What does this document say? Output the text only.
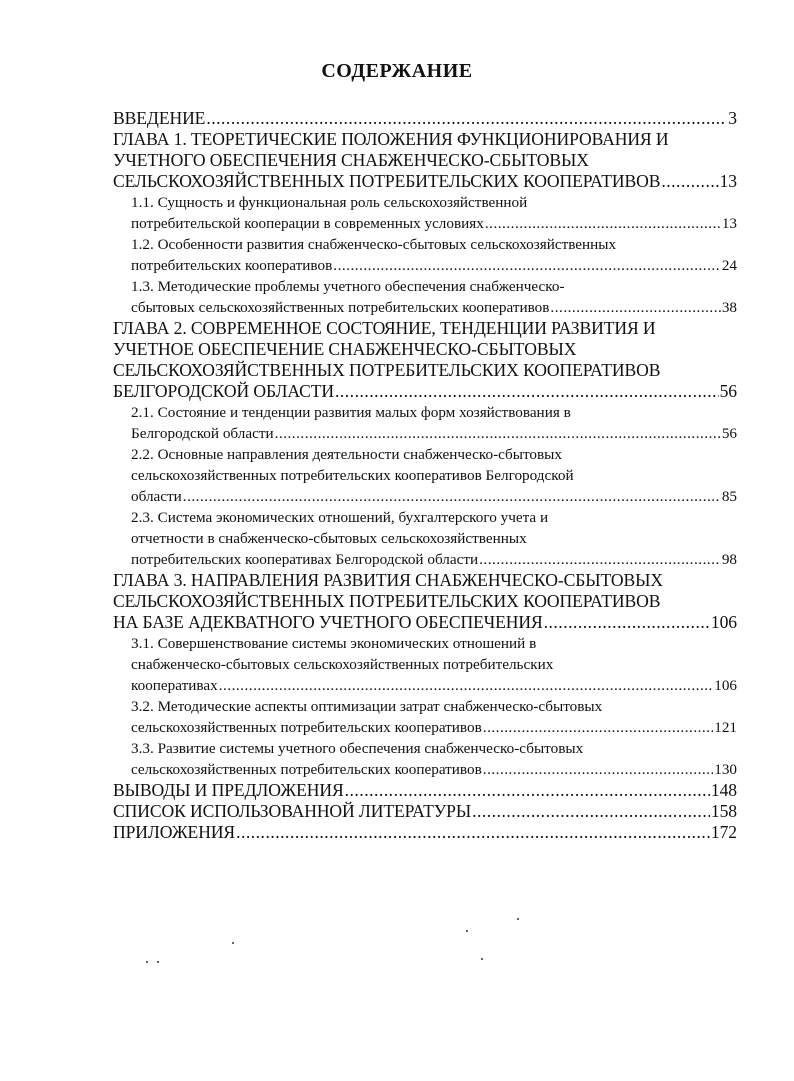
СОДЕРЖАНИЕ
ВВЕДЕНИЕ .....	3
ГЛАВА 1. ТЕОРЕТИЧЕСКИЕ ПОЛОЖЕНИЯ ФУНКЦИОНИРОВАНИЯ И
УЧЕТНОГО ОБЕСПЕЧЕНИЯ СНАБЖЕНЧЕСКО-СБЫТОВЫХ
СЕЛЬСКОХОЗЯЙСТВЕННЫХ ПОТРЕБИТЕЛЬСКИХ КООПЕРАТИВОВ .....	13
1.1. Сущность и функциональная роль сельскохозяйственной
потребительской кооперации в современных условиях .....	13
1.2. Особенности развития снабженческо-сбытовых сельскохозяйственных
потребительских кооперативов .....	24
1.3. Методические проблемы учетного обеспечения снабженческо-
сбытовых сельскохозяйственных потребительских кооперативов .....	38
ГЛАВА 2. СОВРЕМЕННОЕ СОСТОЯНИЕ, ТЕНДЕНЦИИ РАЗВИТИЯ И
УЧЕТНОЕ ОБЕСПЕЧЕНИЕ СНАБЖЕНЧЕСКО-СБЫТОВЫХ
СЕЛЬСКОХОЗЯЙСТВЕННЫХ ПОТРЕБИТЕЛЬСКИХ КООПЕРАТИВОВ
БЕЛГОРОДСКОЙ ОБЛАСТИ .....	56
2.1. Состояние и тенденции развития малых форм хозяйствования в
Белгородской области .....	56
2.2. Основные направления деятельности снабженческо-сбытовых
сельскохозяйственных потребительских кооперативов Белгородской
области .....	85
2.3. Система экономических отношений, бухгалтерского учета и
отчетности в снабженческо-сбытовых сельскохозяйственных
потребительских кооперативах Белгородской области .....	98
ГЛАВА 3. НАПРАВЛЕНИЯ РАЗВИТИЯ СНАБЖЕНЧЕСКО-СБЫТОВЫХ
СЕЛЬСКОХОЗЯЙСТВЕННЫХ ПОТРЕБИТЕЛЬСКИХ КООПЕРАТИВОВ
НА БАЗЕ АДЕКВАТНОГО УЧЕТНОГО ОБЕСПЕЧЕНИЯ .....	106
3.1. Совершенствование системы экономических отношений в
снабженческо-сбытовых сельскохозяйственных потребительских
кооперативах .....	106
3.2. Методические аспекты оптимизации затрат снабженческо-сбытовых
сельскохозяйственных потребительских кооперативов .....	121
3.3. Развитие системы учетного обеспечения снабженческо-сбытовых
сельскохозяйственных потребительских кооперативов .....	130
ВЫВОДЫ И ПРЕДЛОЖЕНИЯ .....	148
СПИСОК ИСПОЛЬЗОВАННОЙ ЛИТЕРАТУРЫ .....	158
ПРИЛОЖЕНИЯ .....	172
